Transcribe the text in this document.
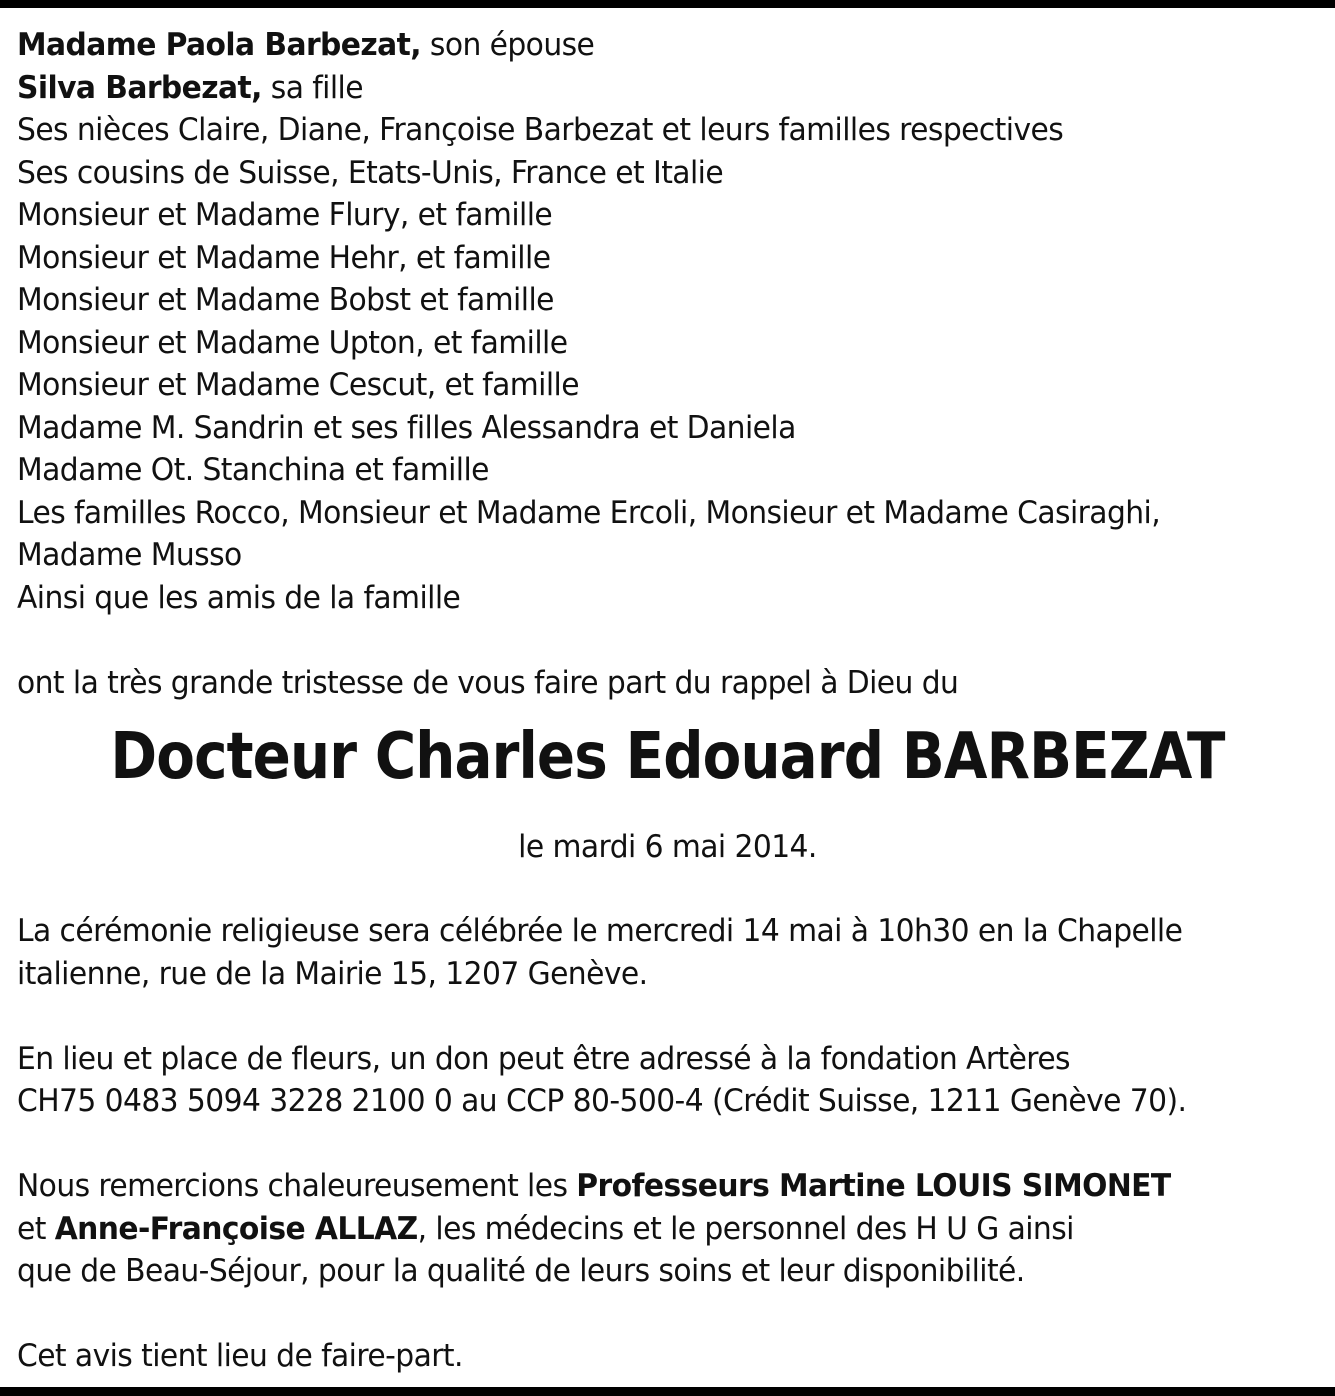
Madame Paola Barbezat, son épouse
Silva Barbezat, sa fille
Ses nièces Claire, Diane, Françoise Barbezat et leurs familles respectives
Ses cousins de Suisse, Etats-Unis, France et Italie
Monsieur et Madame Flury, et famille
Monsieur et Madame Hehr, et famille
Monsieur et Madame Bobst et famille
Monsieur et Madame Upton, et famille
Monsieur et Madame Cescut, et famille
Madame M. Sandrin et ses filles Alessandra et Daniela
Madame Ot. Stanchina et famille
Les familles Rocco, Monsieur et Madame Ercoli, Monsieur et Madame Casiraghi,
Madame Musso
Ainsi que les amis de la famille
ont la très grande tristesse de vous faire part du rappel à Dieu du
Docteur Charles Edouard BARBEZAT
le mardi 6 mai 2014.
La cérémonie religieuse sera célébrée le mercredi 14 mai à 10h30 en la Chapelle
italienne, rue de la Mairie 15, 1207 Genève.
En lieu et place de fleurs, un don peut être adressé à la fondation Artères
CH75 0483 5094 3228 2100 0 au CCP 80-500-4 (Crédit Suisse, 1211 Genève 70).
Nous remercions chaleureusement les Professeurs Martine LOUIS SIMONET
et Anne-Françoise ALLAZ, les médecins et le personnel des H U G ainsi
que de Beau-Séjour, pour la qualité de leurs soins et leur disponibilité.
Cet avis tient lieu de faire-part.
